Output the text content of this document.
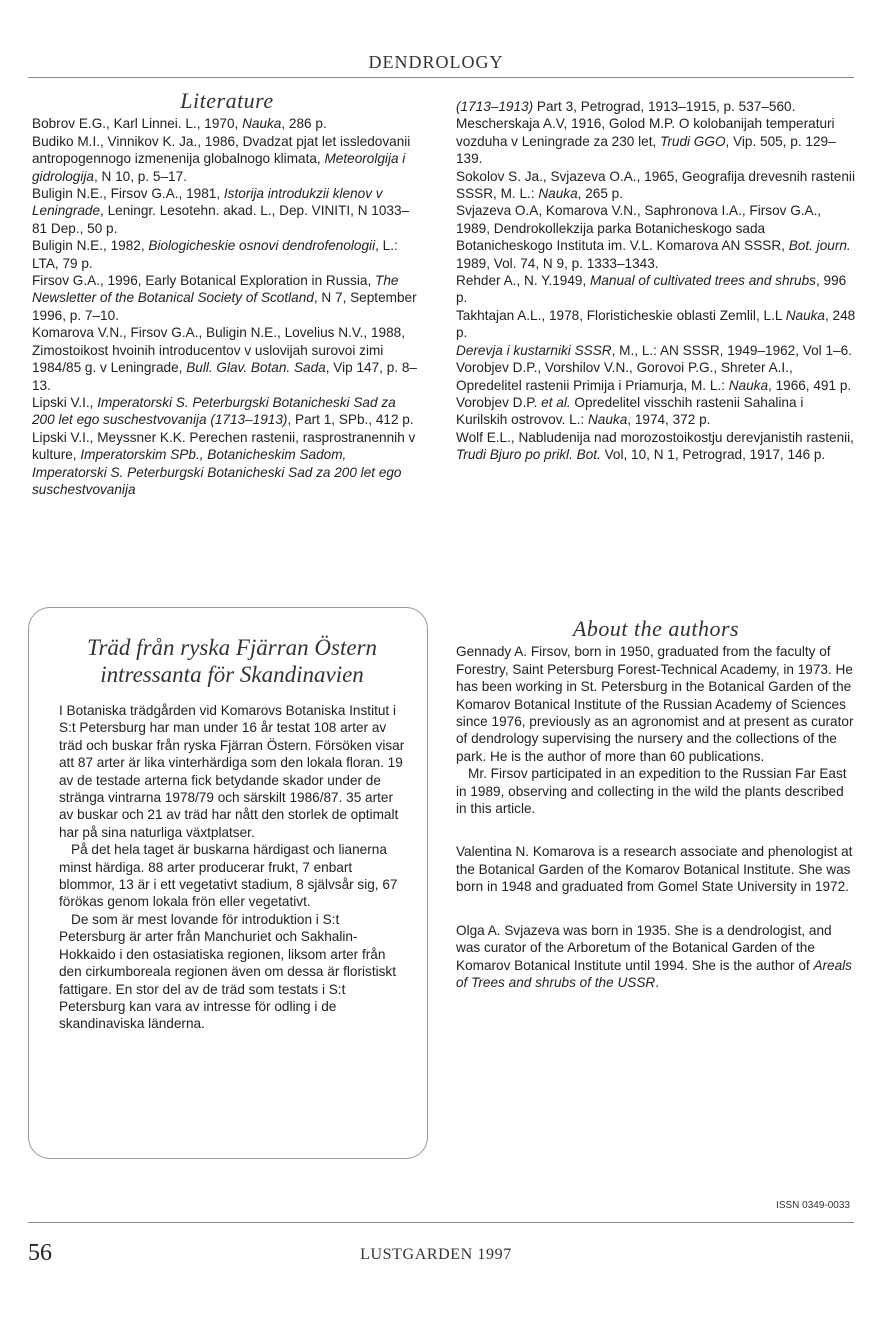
DENDROLOGY
Literature

Bobrov E.G., Karl Linnei. L., 1970, Nauka, 286 p.

Budiko M.I., Vinnikov K. Ja., 1986, Dvadzat pjat let issledovanii antropogennogo izmenenija globalnogo klimata, Meteorolgija i gidrologija, N 10, p. 5–17.

Buligin N.E., Firsov G.A., 1981, Istorija introdukzii klenov v Leningrade, Leningr. Lesotehn. akad. L., Dep. VINITI, N 1033–81 Dep., 50 p.

Buligin N.E., 1982, Biologicheskie osnovi dendrofenologii, L.: LTA, 79 p.

Firsov G.A., 1996, Early Botanical Exploration in Russia, The Newsletter of the Botanical Society of Scotland, N 7, September 1996, p. 7–10.

Komarova V.N., Firsov G.A., Buligin N.E., Lovelius N.V., 1988, Zimostoikost hvoinih introducentov v uslovijah surovoi zimi 1984/85 g. v Leningrade, Bull. Glav. Botan. Sada, Vip 147, p. 8–13.

Lipski V.I., Imperatorski S. Peterburgski Botanicheski Sad za 200 let ego suschestvovanija (1713–1913), Part 1, SPb., 412 p.

Lipski V.I., Meyssner K.K. Perechen rastenii, rasprostranennih v kulture, Imperatorskim SPb., Botanicheskim Sadom, Imperatorski S. Peterburgski Botanicheski Sad za 200 let ego suschestvovanija

(1713–1913) Part 3, Petrograd, 1913–1915, p. 537–560.

Mescherskaja A.V, 1916, Golod M.P. O kolobanijah temperaturi vozduha v Leningrade za 230 let, Trudi GGO, Vip. 505, p. 129–139.

Sokolov S. Ja., Svjazeva O.A., 1965, Geografija drevesnih rastenii SSSR, M. L.: Nauka, 265 p.

Svjazeva O.A, Komarova V.N., Saphronova I.A., Firsov G.A., 1989, Dendrokollekzija parka Botanicheskogo sada Botanicheskogo Instituta im. V.L. Komarova AN SSSR, Bot. journ. 1989, Vol. 74, N 9, p. 1333–1343.

Rehder A., N. Y.1949, Manual of cultivated trees and shrubs, 996 p.

Takhtajan A.L., 1978, Floristicheskie oblasti Zemlil, L.L Nauka, 248 p.

Derevja i kustarniki SSSR, M., L.: AN SSSR, 1949–1962, Vol 1–6.

Vorobjev D.P., Vorshilov V.N., Gorovoi P.G., Shreter A.I., Opredelitel rastenii Primija i Priamurja, M. L.: Nauka, 1966, 491 p.

Vorobjev D.P. et al. Opredelitel visschih rastenii Sahalina i Kurilskih ostrovov. L.: Nauka, 1974, 372 p.

Wolf E.L., Nabludenija nad morozostoikostju derevjanistih rastenii, Trudi Bjuro po prikl. Bot. Vol, 10, N 1, Petrograd, 1917, 146 p.

Träd från ryska Fjärran Östern
intressanta för Skandinavien

I Botaniska trädgården vid Komarovs Botaniska Institut i S:t Petersburg har man under 16 år testat 108 arter av träd och buskar från ryska Fjärran Östern. Försöken visar att 87 arter är lika vinterhärdiga som den lokala floran. 19 av de testade arterna fick betydande skador under de stränga vintrarna 1978/79 och särskilt 1986/87. 35 arter av buskar och 21 av träd har nått den storlek de optimalt har på sina naturliga växtplatser.

På det hela taget är buskarna härdigast och lianerna minst härdiga. 88 arter producerar frukt, 7 enbart blommor, 13 är i ett vegetativt stadium, 8 självsår sig, 67 förökas genom lokala frön eller vegetativt.

De som är mest lovande för introduktion i S:t Petersburg är arter från Manchuriet och Sakhalin-Hokkaido i den ostasiatiska regionen, liksom arter från den cirkumboreala regionen även om dessa är floristiskt fattigare. En stor del av de träd som testats i S:t Petersburg kan vara av intresse för odling i de skandinaviska länderna.

About the authors

Gennady A. Firsov, born in 1950, graduated from the faculty of Forestry, Saint Petersburg Forest-Technical Academy, in 1973. He has been working in St. Petersburg in the Botanical Garden of the Komarov Botanical Institute of the Russian Academy of Sciences since 1976, previously as an agronomist and at present as curator of dendrology supervising the nursery and the collections of the park. He is the author of more than 60 publications.

Mr. Firsov participated in an expedition to the Russian Far East in 1989, observing and collecting in the wild the plants described in this article.

Valentina N. Komarova is a research associate and phenologist at the Botanical Garden of the Komarov Botanical Institute. She was born in 1948 and graduated from Gomel State University in 1972.

Olga A. Svjazeva was born in 1935. She is a dendrologist, and was curator of the Arboretum of the Botanical Garden of the Komarov Botanical Institute until 1994. She is the author of Areals of Trees and shrubs of the USSR.

ISSN 0349-0033
56	LUSTGARDEN 1997
